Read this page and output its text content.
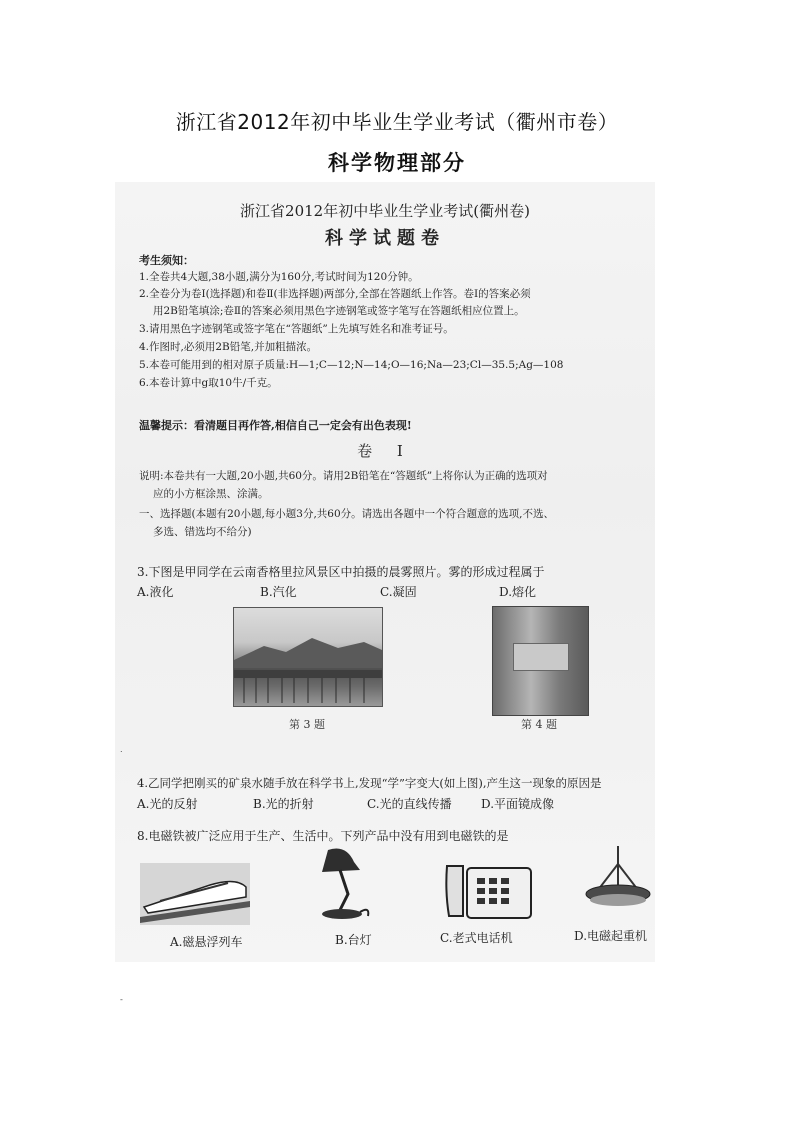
浙江省2012年初中毕业生学业考试（衢州市卷）
科学物理部分
浙江省2012年初中毕业生学业考试(衢州卷)
科学试题卷
考生须知：
1.全卷共4大题,38小题,满分为160分,考试时间为120分钟。
2.全卷分为卷Ⅰ(选择题)和卷Ⅱ(非选择题)两部分,全部在答题纸上作答。卷Ⅰ的答案必须
用2B铅笔填涂;卷Ⅱ的答案必须用黑色字迹钢笔或签字笔写在答题纸相应位置上。
3.请用黑色字迹钢笔或签字笔在“答题纸”上先填写姓名和准考证号。
4.作图时,必须用2B铅笔,并加粗描浓。
5.本卷可能用到的相对原子质量:H—1;C—12;N—14;O—16;Na—23;Cl—35.5;Ag—108
6.本卷计算中g取10牛/千克。
温馨提示：看清题目再作答,相信自己一定会有出色表现!
卷 Ⅰ
说明:本卷共有一大题,20小题,共60分。请用2B铅笔在“答题纸”上将你认为正确的选项对
应的小方框涂黑、涂满。
一、选择题(本题有20小题,每小题3分,共60分。请选出各题中一个符合题意的选项,不选、
多选、错选均不给分)
3.下图是甲同学在云南香格里拉风景区中拍摄的晨雾照片。雾的形成过程属于
A.液化	B.汽化	C.凝固	D.熔化
第 3 题	第 4 题
4.乙同学把刚买的矿泉水随手放在科学书上,发现“学”字变大(如上图),产生这一现象的原因是
A.光的反射	B.光的折射	C.光的直线传播 D.平面镜成像
8.电磁铁被广泛应用于生产、生活中。下列产品中没有用到电磁铁的是
A.磁悬浮列车	B.台灯	C.老式电话机	D.电磁起重机
.
-
